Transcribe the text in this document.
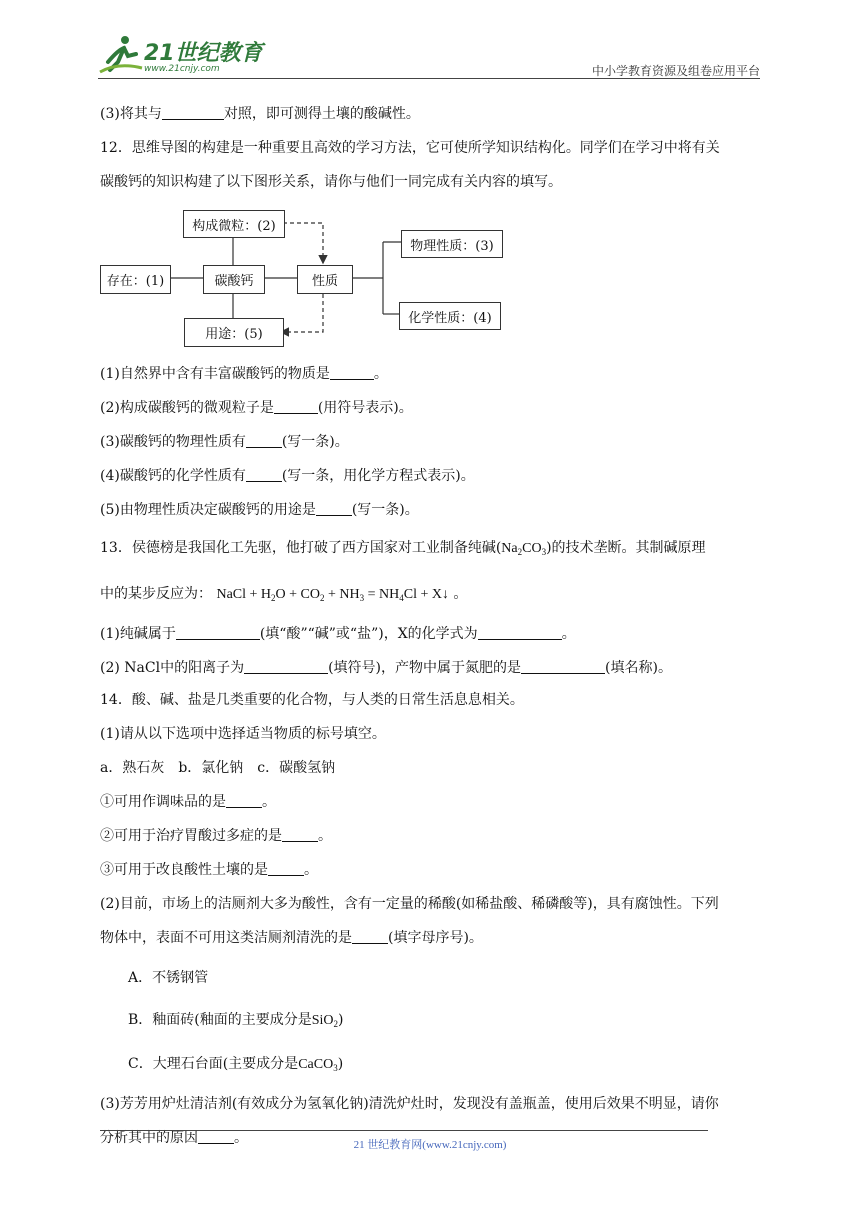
21世纪教育
www.21cnjy.com	中小学教育资源及组卷应用平台
(3)将其与	对照，即可测得土壤的酸碱性。
12．思维导图的构建是一种重要且高效的学习方法，它可使所学知识结构化。同学们在学习中将有关
碳酸钙的知识构建了以下图形关系，请你与他们一同完成有关内容的填写。
(1)自然界中含有丰富碳酸钙的物质是	。
(2)构成碳酸钙的微观粒子是	(用符号表示)。
(3)碳酸钙的物理性质有	(写一条)。
(4)碳酸钙的化学性质有	(写一条，用化学方程式表示)。
(5)由物理性质决定碳酸钙的用途是	(写一条)。
13．侯德榜是我国化工先驱，他打破了西方国家对工业制备纯碱$(Na_2CO_3)$的技术垄断。其制碱原理
中的某步反应为： NaCl + $H_2O + CO_2 + NH_3 = NH_4Cl$ + X↓ 。
(1)纯碱属于	(填“酸”“碱”或“盐”)，X的化学式为	。
(2) NaCl中的阳离子为	(填符号)，产物中属于氮肥的是	(填名称)。
14．酸、碱、盐是几类重要的化合物，与人类的日常生活息息相关。
(1)请从以下选项中选择适当物质的标号填空。
a．熟石灰　b．氯化钠　c．碳酸氢钠
①可用作调味品的是	。
②可用于治疗胃酸过多症的是	。
③可用于改良酸性土壤的是	。
(2)目前，市场上的洁厕剂大多为酸性，含有一定量的稀酸(如稀盐酸、稀磷酸等)，具有腐蚀性。下列
物体中，表面不可用这类洁厕剂清洗的是	(填字母序号)。
A．不锈钢管
B．釉面砖(釉面的主要成分是SiO$_2$)
C．大理石台面(主要成分是CaCO$_3$)
(3)芳芳用炉灶清洁剂(有效成分为氢氧化钠)清洗炉灶时，发现没有盖瓶盖，使用后效果不明显，请你
分析其中的原因	。
构成微粒：(2)
存在：(1)	碳酸钙	性质
物理性质：(3)
化学性质：(4)
用途：(5)
21 世纪教育网(www.21cnjy.com)
